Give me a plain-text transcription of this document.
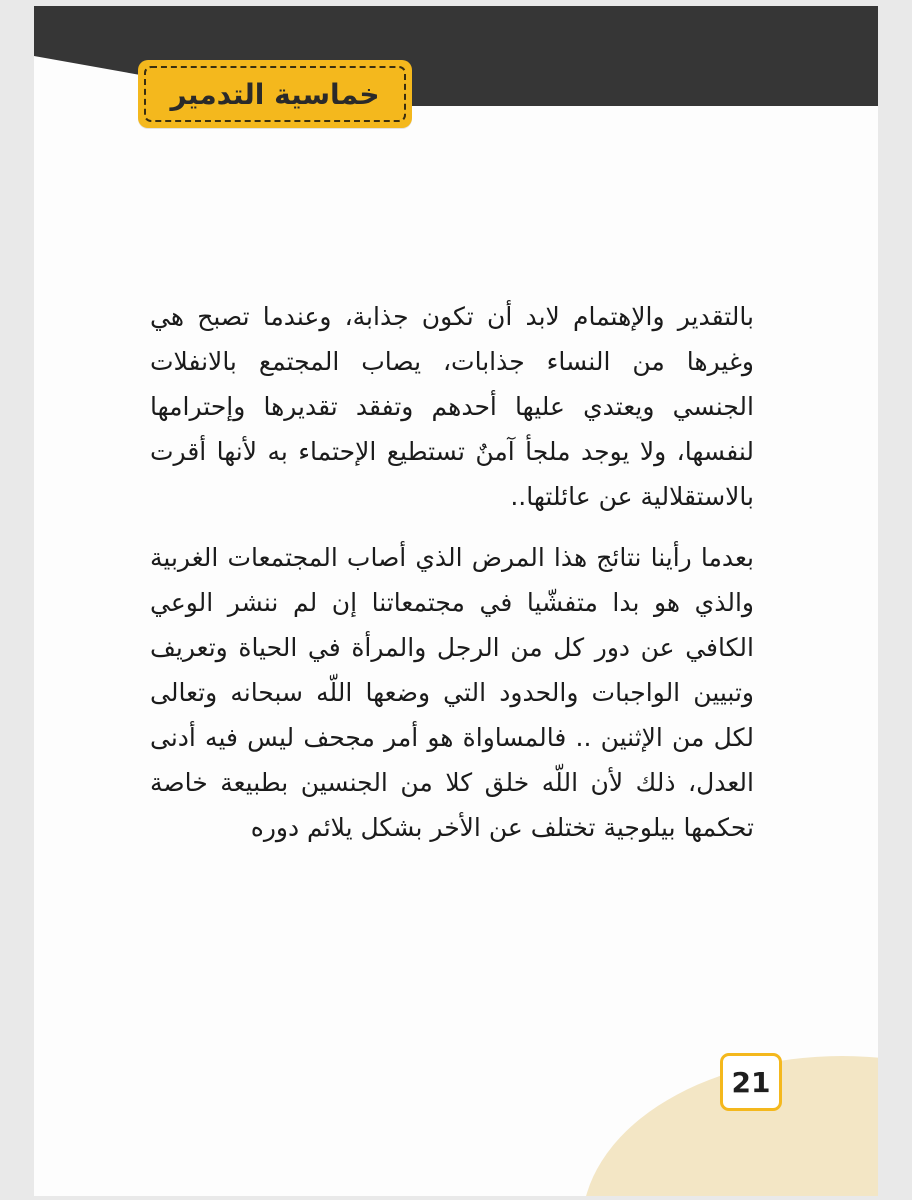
خماسية التدمير

بالتقدير والإهتمام لابد أن تكون جذابة، وعندما تصبح هي وغيرها من النساء جذابات، يصاب المجتمع بالانفلات الجنسي ويعتدي عليها أحدهم وتفقد تقديرها وإحترامها لنفسها، ولا يوجد ملجأ آمنٌ تستطيع الإحتماء به لأنها أقرت بالاستقلالية عن عائلتها..

بعدما رأينا نتائج هذا المرض الذي أصاب المجتمعات الغربية والذي هو بدا متفشّيا في مجتمعاتنا إن لم ننشر الوعي الكافي عن دور كل من الرجل والمرأة في الحياة وتعريف وتبيين الواجبات والحدود التي وضعها اللّه سبحانه وتعالى لكل من الإثنين .. فالمساواة هو أمر مجحف ليس فيه أدنى العدل، ذلك لأن اللّه خلق كلا من الجنسين بطبيعة خاصة تحكمها بيلوجية تختلف عن الأخر بشكل يلائم دوره

21
